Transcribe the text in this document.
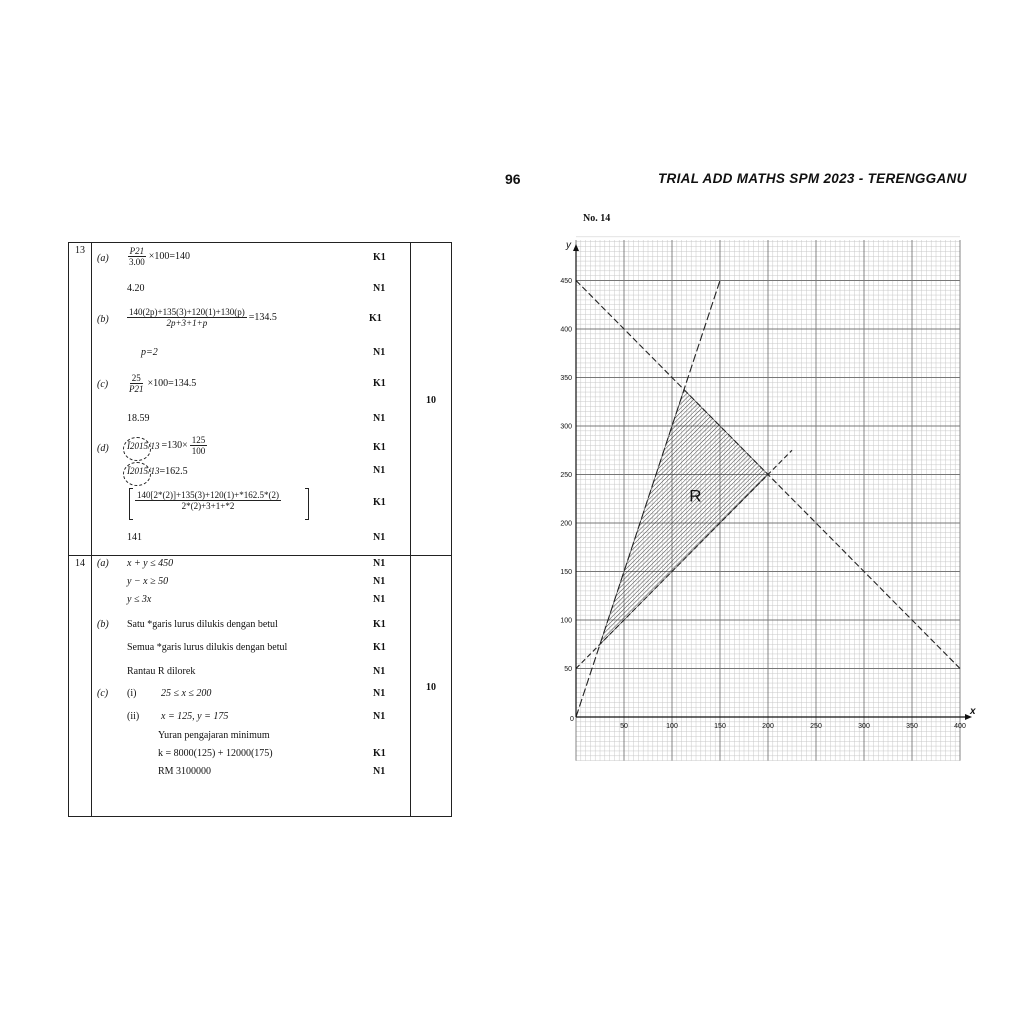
96	TRIAL ADD MATHS SPM 2023 - TERENGGANU
13
10
$(a) \frac{P21}{3.00} \times 100=140$	K1
4.20	N1
$(b) \frac{140(2p)+135(3)+120(1)+130(p)}{2p+3+1+p} =134.5$	K1
p=2	N1
$(c) \frac{25}{P21} \times 100=134.5$	K1
18.59	N1
(d) Ī2015/13 $=130\times \frac{125}{100}$	K1
Ī2015/13=162.5	N1
$\frac{140[2*(2)]+135(3)+120(1)+*162.5*(2)}{2*(2)+3+1+*2}$	K1
141	N1
14
10
(a) x + y ≤ 450	N1
y − x ≥ 50	N1
y ≤ 3x	N1
(b) Satu *garis lurus dilukis dengan betul	K1
Semua *garis lurus dilukis dengan betul	K1
Rantau R dilorek	N1
(c) (i) 25 ≤ x ≤ 200	N1
(ii) x = 125, y = 175	N1
Yuran pengajaran minimum
k = 8000(125) + 12000(175)	K1
RM 3100000	N1
No. 14
50	100	150	200	250	300	350	400
50
100
150
200
250
300
350
400
450
R
x
y
0
